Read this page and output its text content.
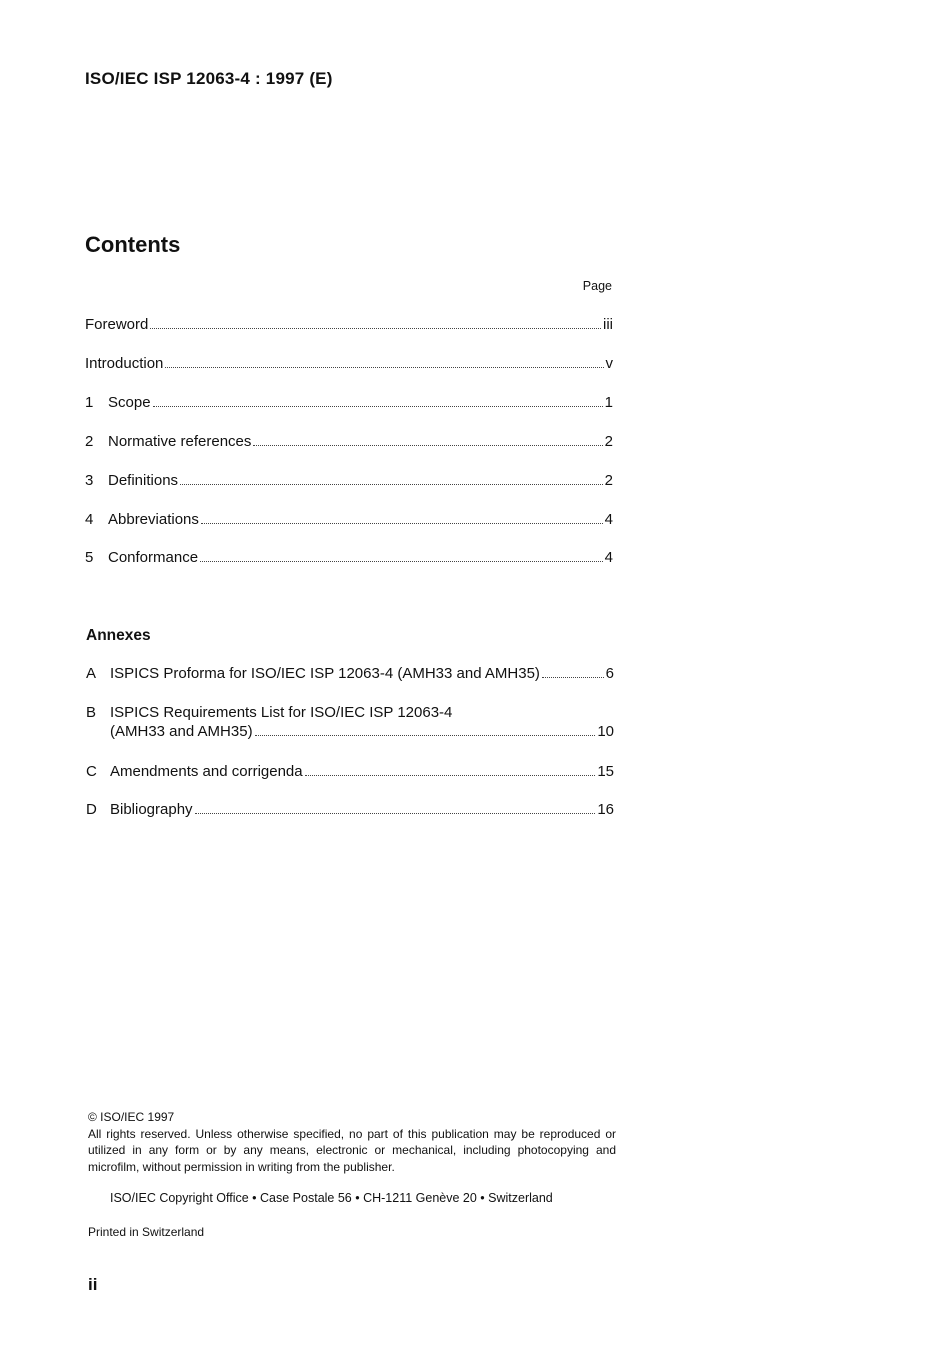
ISO/IEC ISP 12063-4 : 1997 (E)
Contents
Page
Foreword	iii
Introduction	v
1 Scope	1
2 Normative references	2
3 Definitions	2
4 Abbreviations	4
5 Conformance	4
Annexes
A ISPICS Proforma for ISO/IEC ISP 12063-4 (AMH33 and AMH35)	6
B ISPICS Requirements List for ISO/IEC ISP 12063-4
(AMH33 and AMH35)	10
C Amendments and corrigenda	15
D Bibliography	16
© ISO/IEC 1997
All rights reserved. Unless otherwise specified, no part of this publication may be reproduced or utilized in any form or by any means, electronic or mechanical, including photocopying and microfilm, without permission in writing from the publisher.
ISO/IEC Copyright Office • Case Postale 56 • CH-1211 Genève 20 • Switzerland
Printed in Switzerland
ii
